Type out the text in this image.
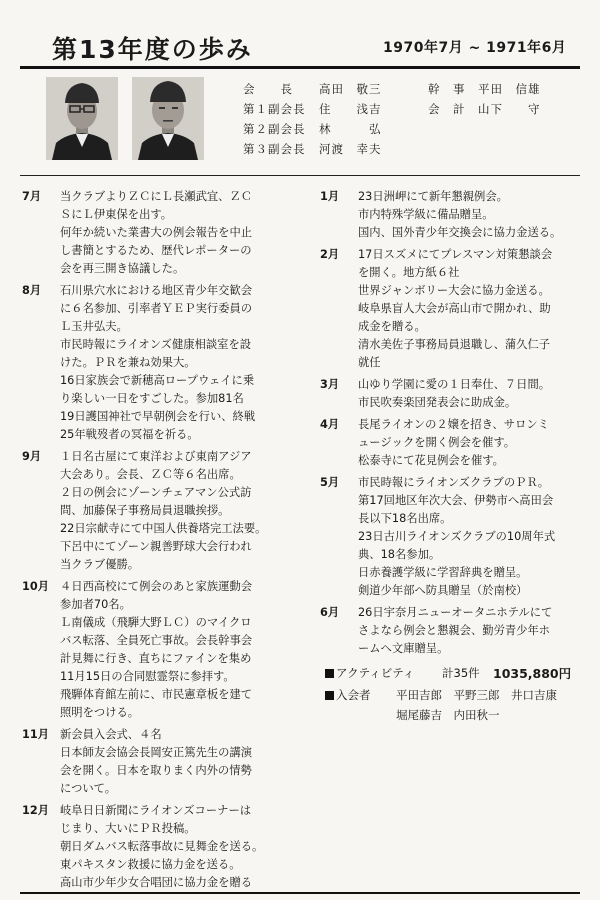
第13年度の歩み	1970年7月 ~ 1971年6月
会　　長 高田　敬三	幹　事 平田　信雄
第１副会長 住　　浅吉	会　計 山下　　守
第２副会長 林　　　弘
第３副会長 河渡　幸夫
7月	当クラブよりＺＣにＬ長瀬武宜、ＺＣ
ＳにＬ伊東保を出す。
何年か続いた業書大の例会報告を中止
し書簡とするため、歴代レポーターの
会を再三開き協議した。
8月	石川県穴水における地区青少年交歓会
に６名参加、引率者ＹＥＰ実行委員の
Ｌ玉井弘夫。
市民時報にライオンズ健康相談室を設
けた。ＰＲを兼ね効果大。
16日家族会で新穂高ロープウェイに乗
り楽しい一日をすごした。参加81名
19日護国神社で早朝例会を行い、終戦
25年戦歿者の冥福を祈る。
9月	１日名古屋にて東洋および東南アジア
大会あり。会長、ＺＣ等６名出席。
２日の例会にゾーンチェアマン公式訪
問、加藤保子事務局員退職挨拶。
22日宗献寺にて中国人供養塔完工法要。
下呂中にてゾーン親善野球大会行われ
当クラブ優勝。
10月 ４日西高校にて例会のあと家族運動会
参加者70名。
Ｌ南儀成（飛騨大野ＬＣ）のマイクロ
バス転落、全員死亡事故。会長幹事会
計見舞に行き、直ちにファインを集め
11月15日の合同慰霊祭に参拝す。
飛騨体育館左前に、市民憲章板を建て
照明をつける。
11月 新会員入会式、４名
日本師友会協会長岡安正篤先生の講演
会を開く。日本を取りまく内外の情勢
について。
12月 岐阜日日新聞にライオンズコーナーは
じまり、大いにＰＲ投稿。
朝日ダムバス転落事故に見舞金を送る。
東パキスタン救援に協力金を送る。
高山市少年少女合唱団に協力金を贈る
1月	23日洲岬にて新年懇親例会。
市内特殊学級に備品贈呈。
国内、国外青少年交換会に協力金送る。
2月	17日スズメにてプレスマン対策懇談会
を開く。地方紙６社
世界ジャンボリー大会に協力金送る。
岐阜県盲人大会が高山市で開かれ、助
成金を贈る。
清水美佐子事務局員退職し、蒲久仁子
就任
3月	山ゆり学園に愛の１日奉仕、７日間。
市民吹奏楽団発表会に助成金。
4月	長尾ライオンの２嬢を招き、サロンミ
ュージックを開く例会を催す。
松泰寺にて花見例会を催す。
5月	市民時報にライオンズクラブのＰＲ。
第17回地区年次大会、伊勢市へ高田会
長以下18名出席。
23日古川ライオンズクラブの10周年式
典、18名参加。
日赤養護学級に学習辞典を贈呈。
剣道少年部へ防具贈呈（於南校）
6月	26日宇奈月ニューオータニホテルにて
さよなら例会と懇親会、勤労青少年ホ
ームへ文庫贈呈。
アクティビティ 計35件 1035,880円
入会者 平田吉郎　平野三郎　井口吉康
堀尾藤吉　内田秋一
